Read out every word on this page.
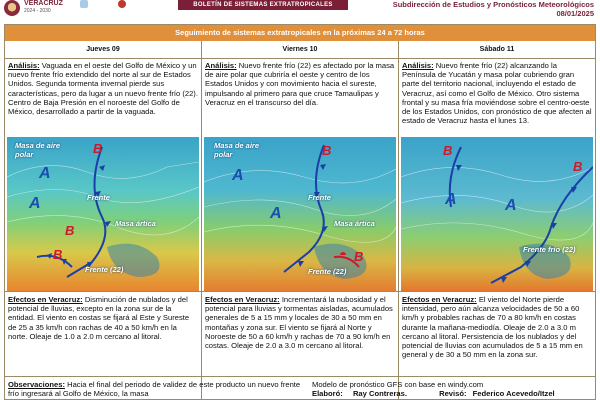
VERACRUZ
2024 - 2030
BOLETÍN DE SISTEMAS EXTRATROPICALES	Subdirección de Estudios y Pronósticos Meteorológicos
08/01/2025
Seguimiento de sistemas extratropicales en la próximas 24 a 72 horas
Jueves 09
Análisis: Vaguada en el oeste del Golfo de México y un nuevo frente frío extendido del norte al sur de Estados Unidos. Segunda tormenta invernal pierde sus características, pero da lugar a un nuevo frente frío (22). Centro de Baja Presión en el noroeste del Golfo de México, desarrollado a partir de la vaguada.
Masa de aire polar
A
A
B
B
B
Frente
Masa ártica
Frente (22)
Efectos en Veracruz: Disminución de nublados y del potencial de lluvias, excepto en la zona sur de la entidad. El viento en costas se fijará al Este y Sureste de 25 a 35 km/h con rachas de 40 a 50 km/h en la norte. Oleaje de 1.0 a 2.0 m cercano al litoral.
Viernes 10
Análisis: Nuevo frente frío (22) es afectado por la masa de aire polar que cubriría el oeste y centro de los Estados Unidos y con movimiento hacia el sureste, impulsando al primero para que cruce Tamaulipas y Veracruz en el transcurso del día.
Masa de aire polar
A
A
B
B
Frente
Masa ártica
Frente (22)
Efectos en Veracruz: Incrementará la nubosidad y el potencial para lluvias y tormentas aisladas, acumulados generales de 5 a 15 mm y locales de 30 a 50 mm en montañas y zona sur. El viento se fijará al Norte y Noroeste de 50 a 60 km/h y rachas de 70 a 90 km/h en costas. Oleaje de 2.0 a 3.0 m cercano al litoral.
Sábado 11
Análisis: Nuevo frente frío (22) alcanzando la Península de Yucatán y masa polar cubriendo gran parte del territorio nacional, incluyendo el estado de Veracruz, así como el Golfo de México. Otro sistema frontal y su masa fría moviéndose sobre el centro-oeste de los Estados Unidos, con pronóstico de que afecten al estado de Veracruz hasta el lunes 13.
B
A	A
B
Frente frío (22)
Efectos en Veracruz: El viento del Norte pierde intensidad, pero aún alcanza velocidades de 50 a 60 km/h y probables rachas de 70 a 80 km/h en costas durante la mañana-mediodía. Oleaje de 2.0 a 3.0 m cercano al litoral. Persistencia de los nublados y del potencial de lluvias con acumulados de 5 a 15 mm en general y de 30 a 50 mm en la zona sur.
Observaciones: Hacia el final del periodo de validez de este producto un nuevo frente frío ingresará al Golfo de México, la masa
Modelo de pronóstico GFS con base en windy.com
Elaboró: Ray Contreras.	Revisó: Federico Acevedo/Itzel
